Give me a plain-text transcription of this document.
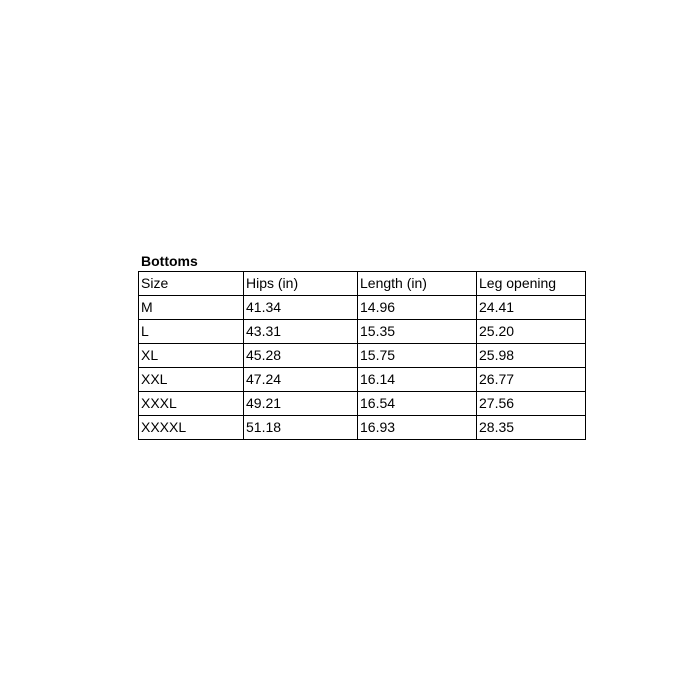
Bottoms
Size	Hips (in)	Length (in)	Leg opening
M	41.34	14.96	24.41
L	43.31	15.35	25.20
XL	45.28	15.75	25.98
XXL	47.24	16.14	26.77
XXXL	49.21	16.54	27.56
XXXXL	51.18	16.93	28.35
